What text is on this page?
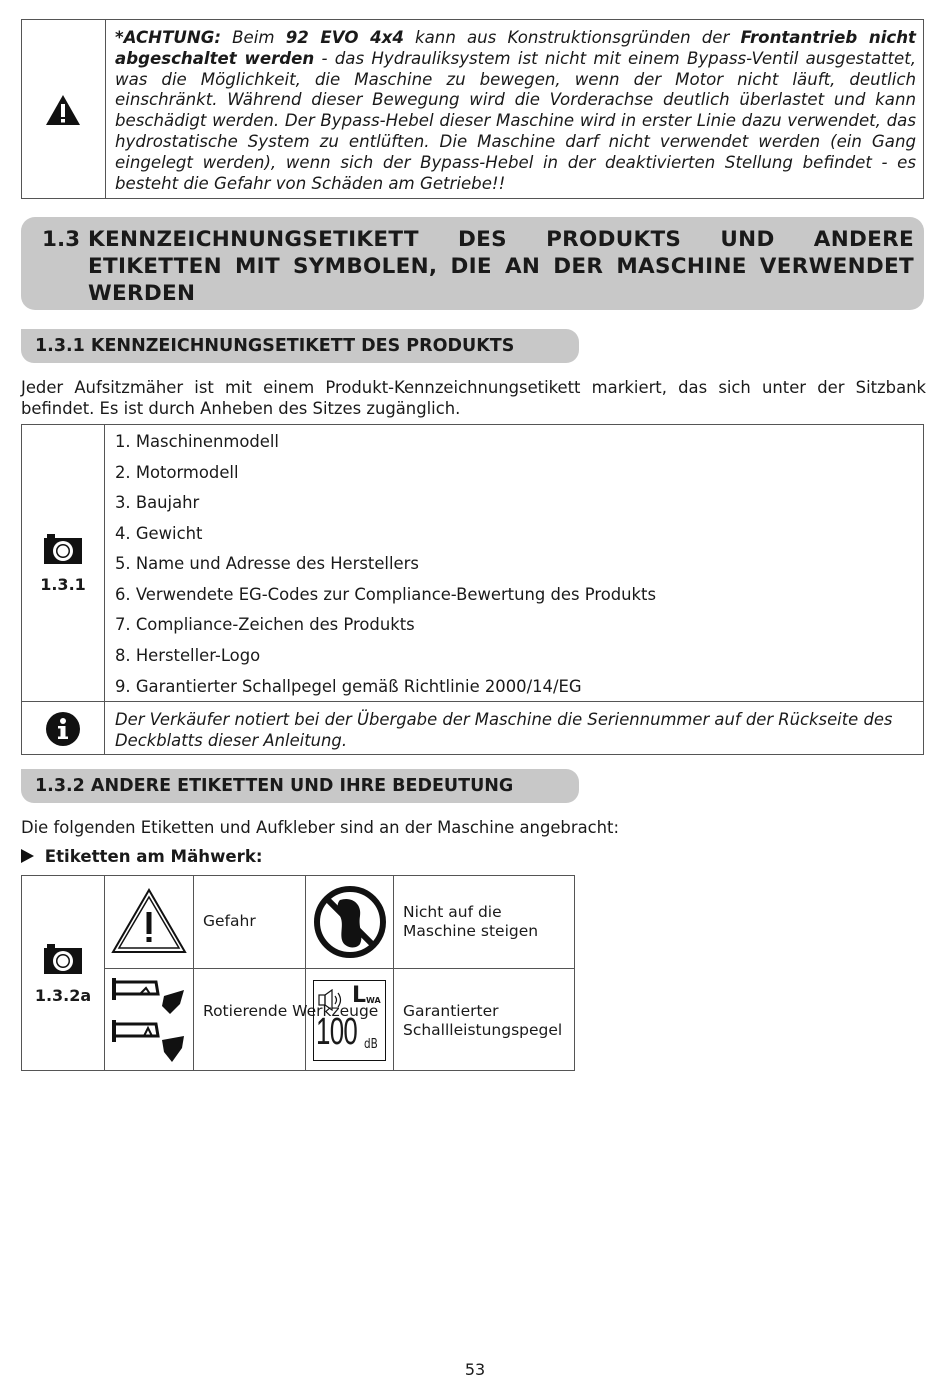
*ACHTUNG: Beim 92 EVO 4x4 kann aus Konstruktionsgründen der Frontantrieb nicht abgeschaltet werden - das Hydrauliksystem ist nicht mit einem Bypass-Ventil ausgestattet, was die Möglichkeit, die Maschine zu bewegen, wenn der Motor nicht läuft, deutlich einschränkt. Während dieser Bewegung wird die Vorderachse deutlich überlastet und kann beschädigt werden. Der Bypass-Hebel dieser Maschine wird in erster Linie dazu verwendet, das hydrostatische System zu entlüften. Die Maschine darf nicht verwendet werden (ein Gang eingelegt werden), wenn sich der Bypass-Hebel in der deaktivierten Stellung befindet - es besteht die Gefahr von Schäden am Getriebe!!
1.3 KENNZEICHNUNGSETIKETT DES PRODUKTS UND ANDERE ETIKETTEN MIT SYMBOLEN, DIE AN DER MASCHINE VERWENDET WERDEN
1.3.1 KENNZEICHNUNGSETIKETT DES PRODUKTS
Jeder Aufsitzmäher ist mit einem Produkt-Kennzeichnungsetikett markiert, das sich unter der Sitzbank befindet. Es ist durch Anheben des Sitzes zugänglich.
1.3.1
1. Maschinenmodell
2. Motormodell
3. Baujahr
4. Gewicht
5. Name und Adresse des Herstellers
6. Verwendete EG-Codes zur Compliance-Bewertung des Produkts
7. Compliance-Zeichen des Produkts
8. Hersteller-Logo
9. Garantierter Schallpegel gemäß Richtlinie 2000/14/EG
Der Verkäufer notiert bei der Übergabe der Maschine die Seriennummer auf der Rückseite des Deckblatts dieser Anleitung.
1.3.2 ANDERE ETIKETTEN UND IHRE BEDEUTUNG
Die folgenden Etiketten und Aufkleber sind an der Maschine angebracht:
Etiketten am Mähwerk:
1.3.2a
Gefahr	Nicht auf die Maschine steigen
Rotierende Werkzeuge
L WA
100 dB
Garantierter Schallleistungspegel
53
